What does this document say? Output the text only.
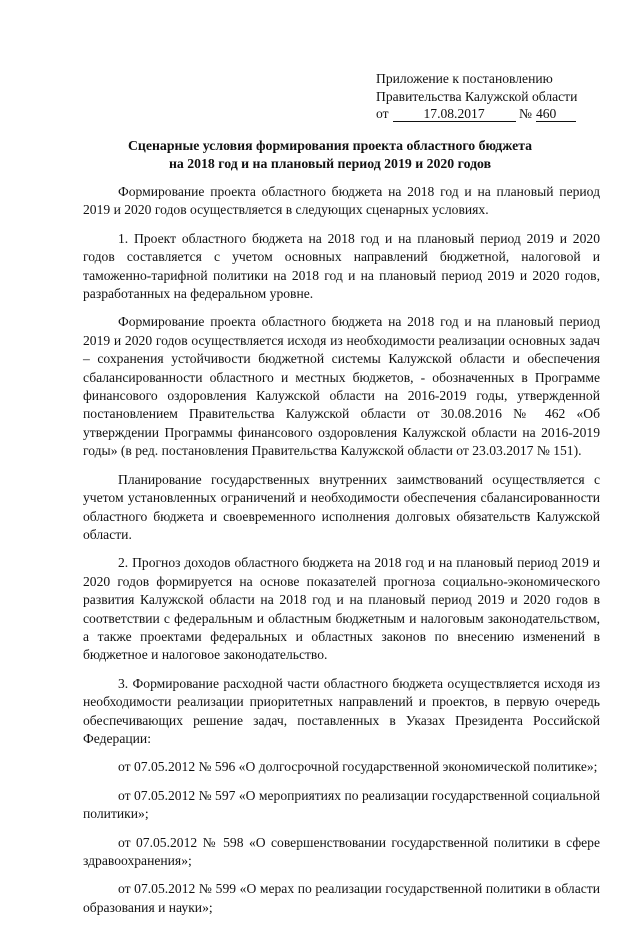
Приложение к постановлению
Правительства Калужской области
от	17.08.2017	№ 460
Сценарные условия формирования проекта областного бюджета
на 2018 год и на плановый период 2019 и 2020 годов

Формирование проекта областного бюджета на 2018 год и на плановый период 2019 и 2020 годов осуществляется в следующих сценарных условиях.

1. Проект областного бюджета на 2018 год и на плановый период 2019 и 2020 годов составляется с учетом основных направлений бюджетной, налоговой и таможенно-тарифной политики на 2018 год и на плановый период 2019 и 2020 годов, разработанных на федеральном уровне.

Формирование проекта областного бюджета на 2018 год и на плановый период 2019 и 2020 годов осуществляется исходя из необходимости реализации основных задач – сохранения устойчивости бюджетной системы Калужской области и обеспечения сбалансированности областного и местных бюджетов, - обозначенных в Программе финансового оздоровления Калужской области на 2016-2019 годы, утвержденной постановлением Правительства Калужской области от 30.08.2016 № 462 «Об утверждении Программы финансового оздоровления Калужской области на 2016-2019 годы» (в ред. постановления Правительства Калужской области от 23.03.2017 № 151).

Планирование государственных внутренних заимствований осуществляется с учетом установленных ограничений и необходимости обеспечения сбалансированности областного бюджета и своевременного исполнения долговых обязательств Калужской области.

2. Прогноз доходов областного бюджета на 2018 год и на плановый период 2019 и 2020 годов формируется на основе показателей прогноза социально-экономического развития Калужской области на 2018 год и на плановый период 2019 и 2020 годов в соответствии с федеральным и областным бюджетным и налоговым законодательством, а также проектами федеральных и областных законов по внесению изменений в бюджетное и налоговое законодательство.

3. Формирование расходной части областного бюджета осуществляется исходя из необходимости реализации приоритетных направлений и проектов, в первую очередь обеспечивающих решение задач, поставленных в Указах Президента Российской Федерации:

от 07.05.2012 № 596 «О долгосрочной государственной экономической политике»;

от 07.05.2012 № 597 «О мероприятиях по реализации государственной социальной политики»;

от 07.05.2012 № 598 «О совершенствовании государственной политики в сфере здравоохранения»;

от 07.05.2012 № 599 «О мерах по реализации государственной политики в области образования и науки»;
